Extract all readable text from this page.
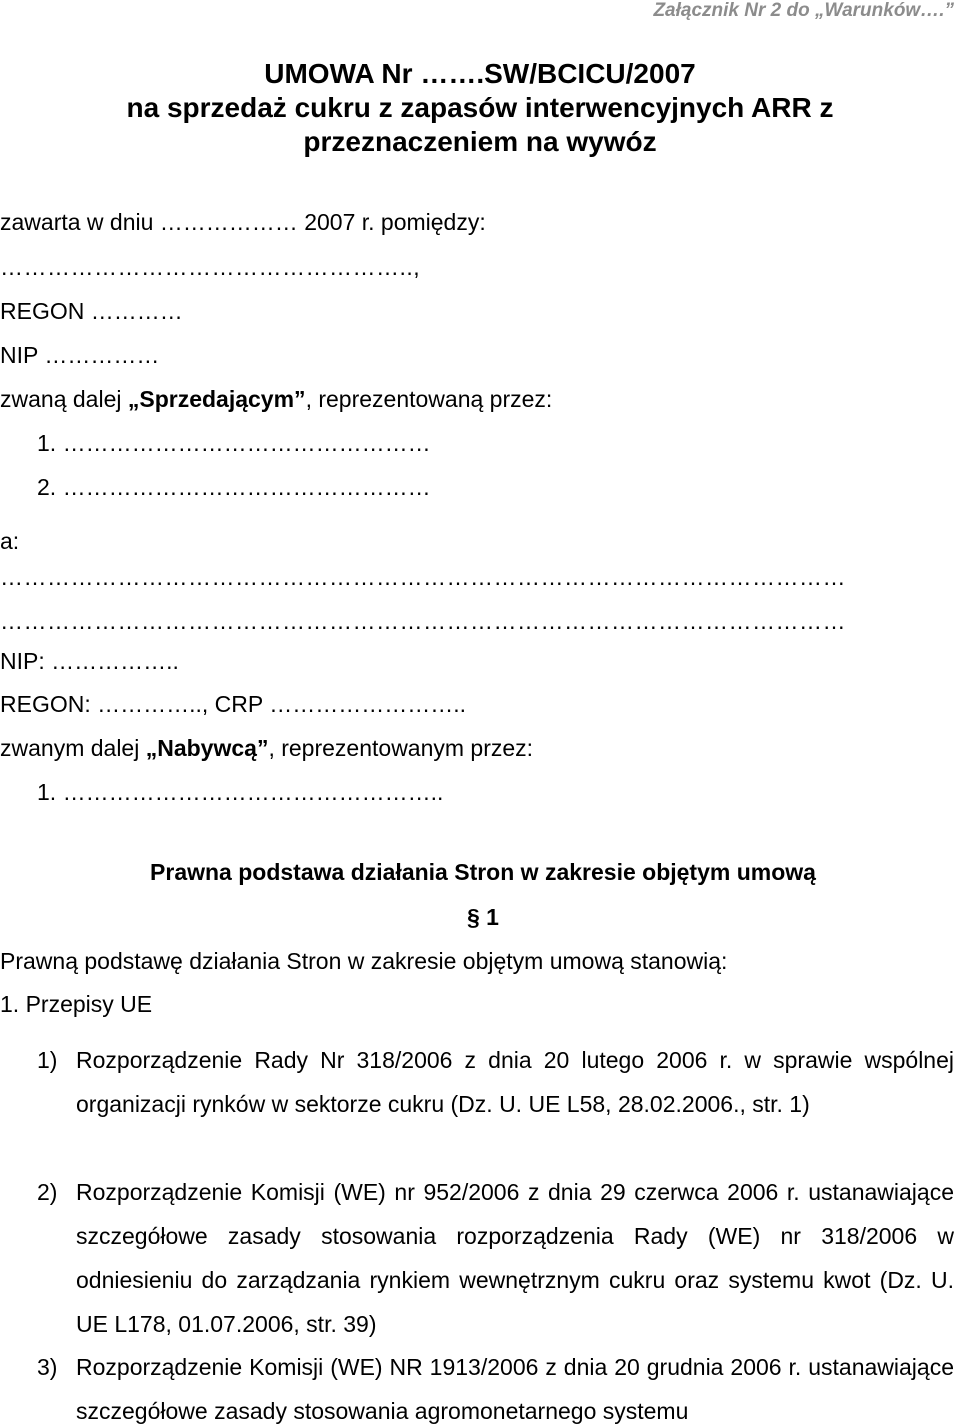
Załącznik Nr 2 do „Warunków….”
UMOWA Nr …….SW/BCICU/2007
na sprzedaż cukru z zapasów interwencyjnych ARR z
przeznaczeniem na wywóz
zawarta w dniu ……………… 2007 r. pomiędzy:
……………………………………………..,
REGON …………
NIP ……………
zwaną dalej „Sprzedającym”, reprezentowaną przez:
1. …………………………………………
2. …………………………………………
a:
………………………………………………………………………………………………
………………………………………………………………………………………………
NIP: ……………..
REGON: ………….., CRP ……………………..
zwanym dalej „Nabywcą”, reprezentowanym przez:
1. …………………………………………..
Prawna podstawa działania Stron w zakresie objętym umową
§ 1
Prawną podstawę działania Stron w zakresie objętym umową stanowią:
1. Przepisy UE
1) Rozporządzenie Rady Nr 318/2006 z dnia 20 lutego 2006 r. w sprawie wspólnej organizacji rynków w sektorze cukru (Dz. U. UE L58, 28.02.2006., str. 1)
2) Rozporządzenie Komisji (WE) nr 952/2006 z dnia 29 czerwca 2006 r. ustanawiające szczegółowe zasady stosowania rozporządzenia Rady (WE) nr 318/2006 w odniesieniu do zarządzania rynkiem wewnętrznym cukru oraz systemu kwot (Dz. U. UE L178, 01.07.2006, str. 39)
3) Rozporządzenie Komisji (WE) NR 1913/2006 z dnia 20 grudnia 2006 r. ustanawiające szczegółowe zasady stosowania agromonetarnego systemu
